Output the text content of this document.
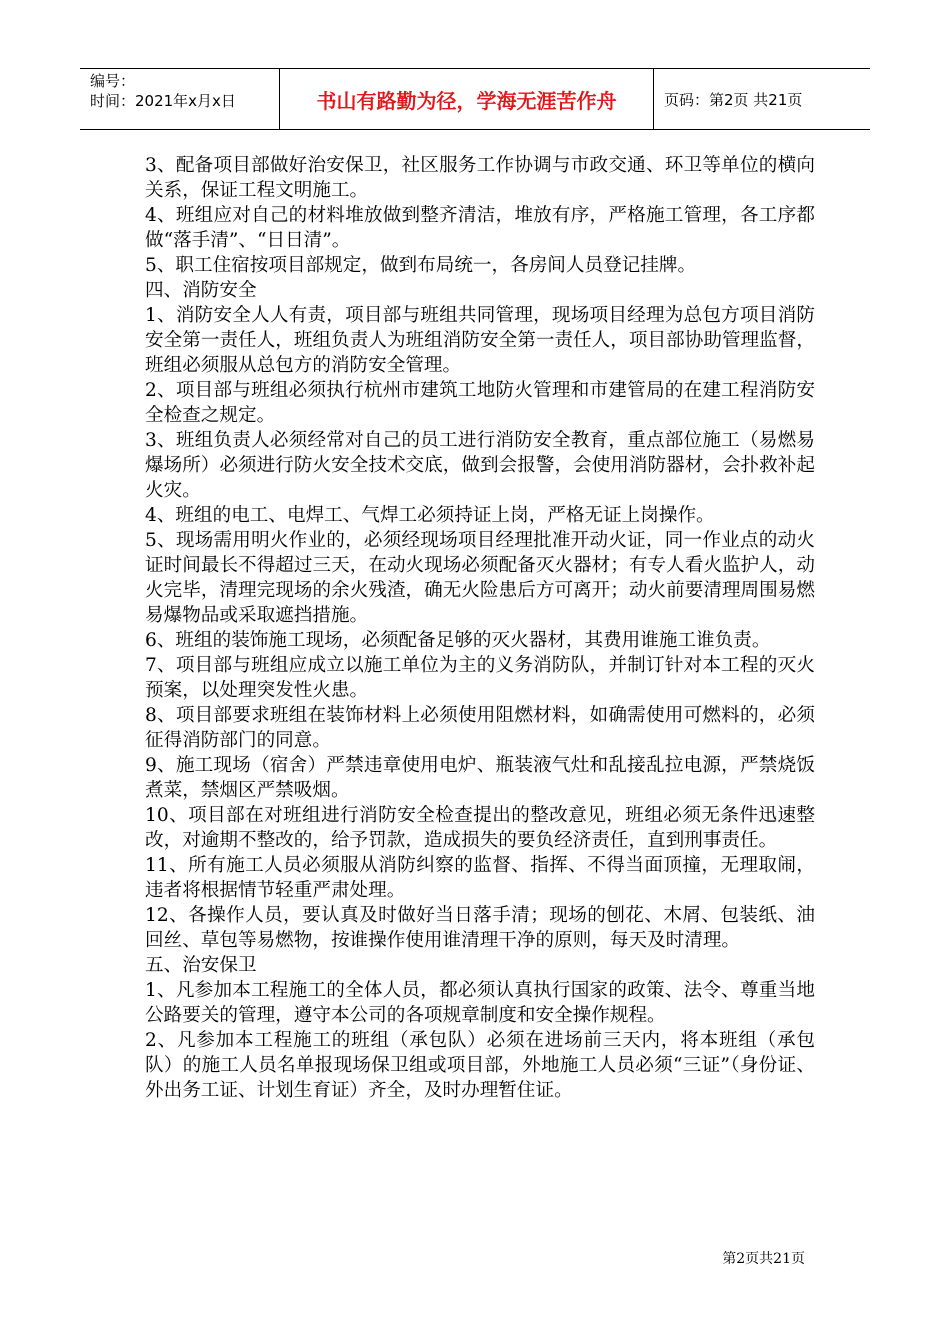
编号：
时间：2021年x月x日	书山有路勤为径，学海无涯苦作舟	页码：第2页 共21页

3、配备项目部做好治安保卫，社区服务工作协调与市政交通、环卫等单位的横向关系，保证工程文明施工。

4、班组应对自己的材料堆放做到整齐清洁，堆放有序，严格施工管理，各工序都做“落手清”、“日日清”。

5、职工住宿按项目部规定，做到布局统一，各房间人员登记挂牌。

四、消防安全

1、消防安全人人有责，项目部与班组共同管理，现场项目经理为总包方项目消防安全第一责任人，班组负责人为班组消防安全第一责任人，项目部协助管理监督，班组必须服从总包方的消防安全管理。

2、项目部与班组必须执行杭州市建筑工地防火管理和市建管局的在建工程消防安全检查之规定。

3、班组负责人必须经常对自己的员工进行消防安全教育，重点部位施工（易燃易爆场所）必须进行防火安全技术交底，做到会报警，会使用消防器材，会扑救补起火灾。

4、班组的电工、电焊工、气焊工必须持证上岗，严格无证上岗操作。

5、现场需用明火作业的，必须经现场项目经理批准开动火证，同一作业点的动火证时间最长不得超过三天，在动火现场必须配备灭火器材；有专人看火监护人，动火完毕，清理完现场的余火残渣，确无火险患后方可离开；动火前要清理周围易燃易爆物品或采取遮挡措施。

6、班组的装饰施工现场，必须配备足够的灭火器材，其费用谁施工谁负责。

7、项目部与班组应成立以施工单位为主的义务消防队，并制订针对本工程的灭火预案，以处理突发性火患。

8、项目部要求班组在装饰材料上必须使用阻燃材料，如确需使用可燃料的，必须征得消防部门的同意。

9、施工现场（宿舍）严禁违章使用电炉、瓶装液气灶和乱接乱拉电源，严禁烧饭煮菜，禁烟区严禁吸烟。

10、项目部在对班组进行消防安全检查提出的整改意见，班组必须无条件迅速整改，对逾期不整改的，给予罚款，造成损失的要负经济责任，直到刑事责任。

11、所有施工人员必须服从消防纠察的监督、指挥、不得当面顶撞，无理取闹，违者将根据情节轻重严肃处理。

12、各操作人员，要认真及时做好当日落手清；现场的刨花、木屑、包装纸、油回丝、草包等易燃物，按谁操作使用谁清理干净的原则，每天及时清理。

五、治安保卫

1、凡参加本工程施工的全体人员，都必须认真执行国家的政策、法令、尊重当地公路要关的管理，遵守本公司的各项规章制度和安全操作规程。

2、凡参加本工程施工的班组（承包队）必须在进场前三天内，将本班组（承包队）的施工人员名单报现场保卫组或项目部，外地施工人员必须“三证”（身份证、外出务工证、计划生育证）齐全，及时办理暂住证。

第2页共21页
